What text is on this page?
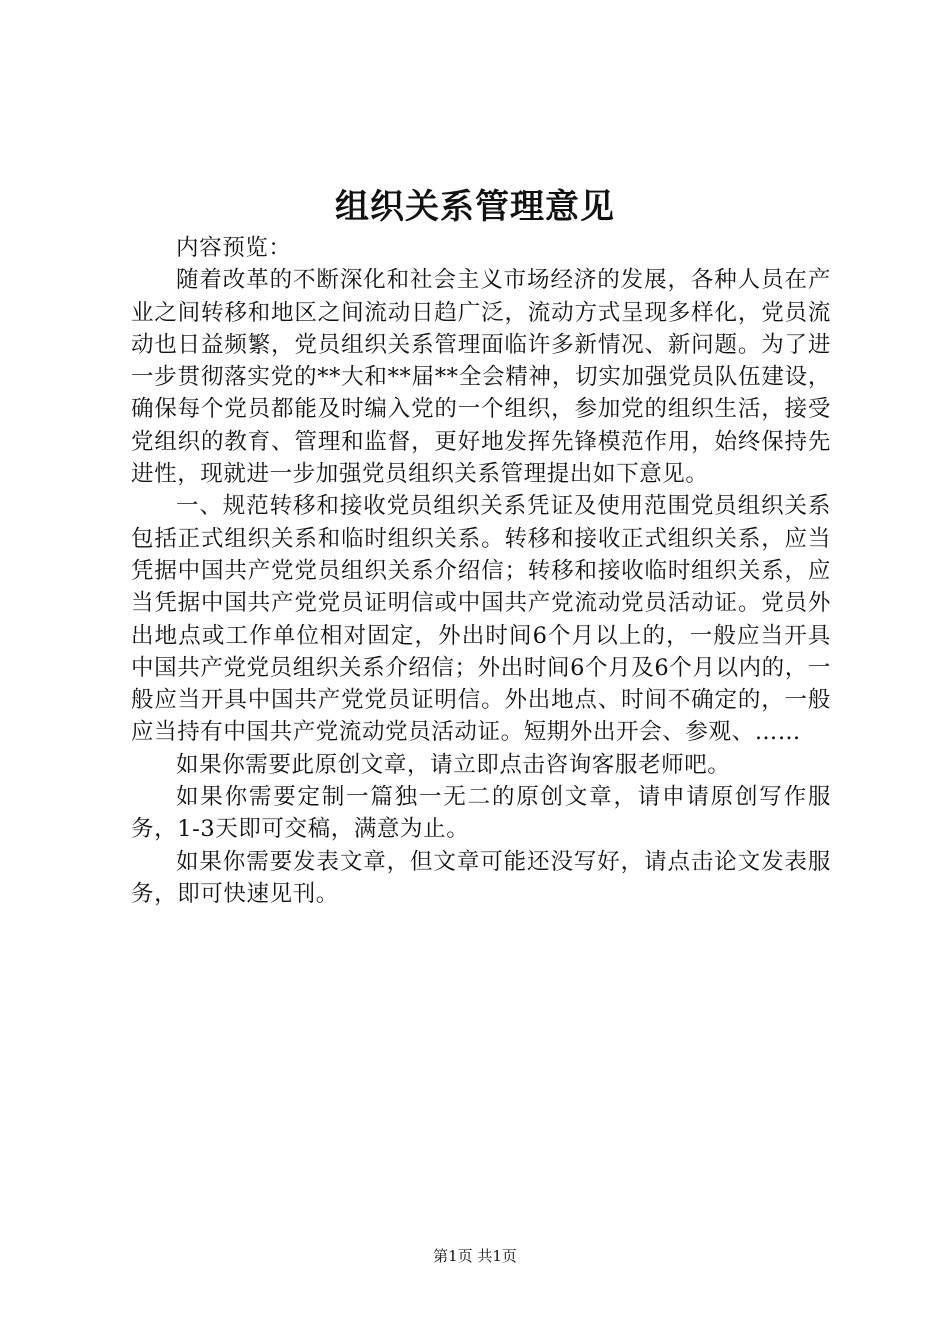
组织关系管理意见

内容预览：

随着改革的不断深化和社会主义市场经济的发展，各种人员在产业之间转移和地区之间流动日趋广泛，流动方式呈现多样化，党员流动也日益频繁，党员组织关系管理面临许多新情况、新问题。为了进一步贯彻落实党的**大和**届**全会精神，切实加强党员队伍建设，确保每个党员都能及时编入党的一个组织，参加党的组织生活，接受党组织的教育、管理和监督，更好地发挥先锋模范作用，始终保持先进性，现就进一步加强党员组织关系管理提出如下意见。

一、规范转移和接收党员组织关系凭证及使用范围党员组织关系包括正式组织关系和临时组织关系。转移和接收正式组织关系，应当凭据中国共产党党员组织关系介绍信；转移和接收临时组织关系，应当凭据中国共产党党员证明信或中国共产党流动党员活动证。党员外出地点或工作单位相对固定，外出时间6个月以上的，一般应当开具中国共产党党员组织关系介绍信；外出时间6个月及6个月以内的，一般应当开具中国共产党党员证明信。外出地点、时间不确定的，一般应当持有中国共产党流动党员活动证。短期外出开会、参观、……

如果你需要此原创文章，请立即点击咨询客服老师吧。

如果你需要定制一篇独一无二的原创文章，请申请原创写作服务，1-3天即可交稿，满意为止。

如果你需要发表文章，但文章可能还没写好，请点击论文发表服务，即可快速见刊。

第1页 共1页
